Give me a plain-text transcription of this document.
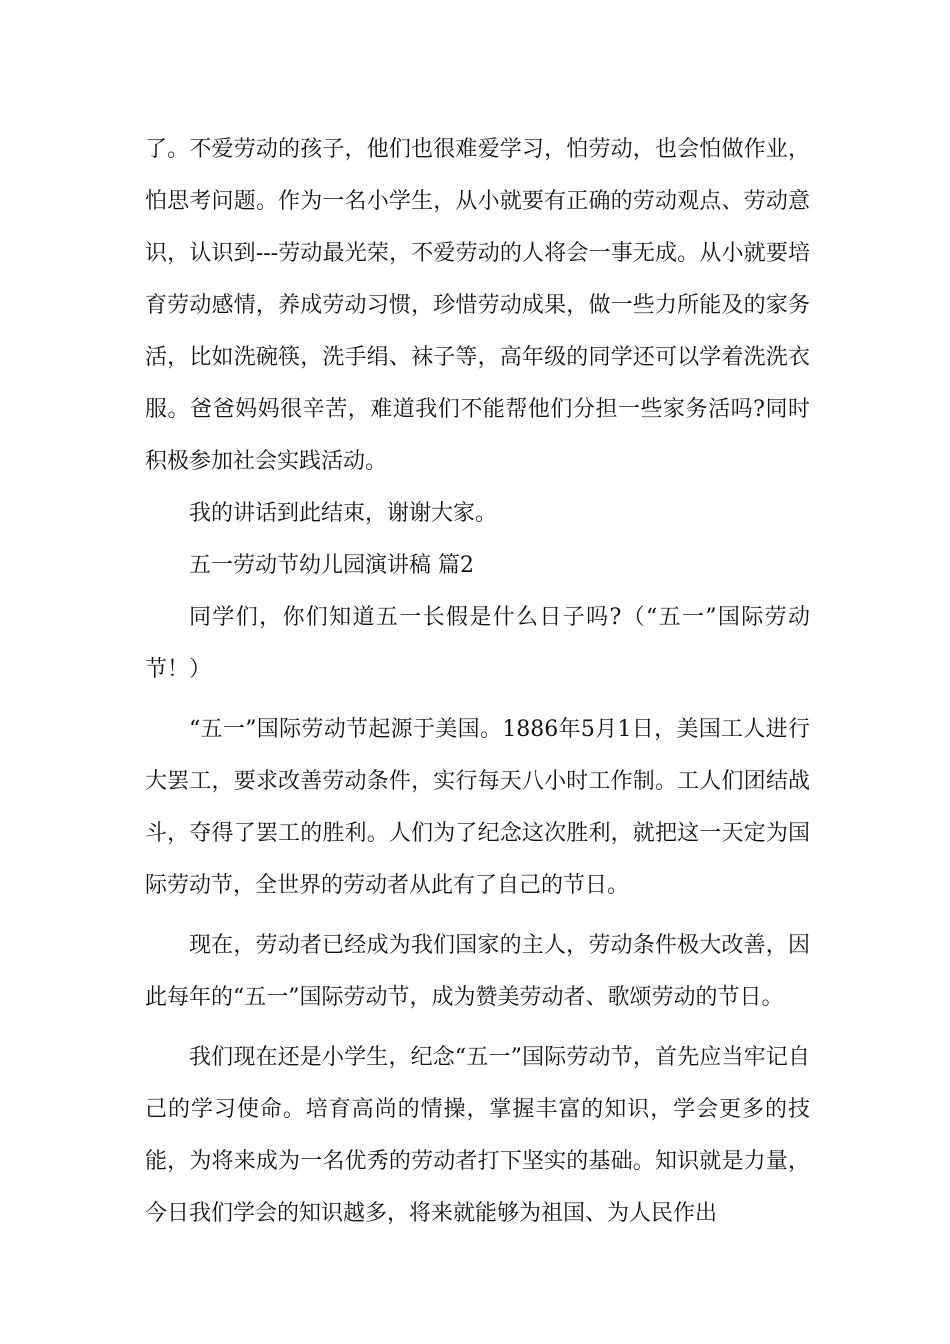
了。不爱劳动的孩子，他们也很难爱学习，怕劳动，也会怕做作业，怕思考问题。作为一名小学生，从小就要有正确的劳动观点、劳动意识，认识到---劳动最光荣，不爱劳动的人将会一事无成。从小就要培育劳动感情，养成劳动习惯，珍惜劳动成果，做一些力所能及的家务活，比如洗碗筷，洗手绢、袜子等，高年级的同学还可以学着洗洗衣服。爸爸妈妈很辛苦，难道我们不能帮他们分担一些家务活吗?同时积极参加社会实践活动。

我的讲话到此结束，谢谢大家。

五一劳动节幼儿园演讲稿 篇2

同学们，你们知道五一长假是什么日子吗?（“五一”国际劳动节！）

“五一”国际劳动节起源于美国。1886年5月1日，美国工人进行大罢工，要求改善劳动条件，实行每天八小时工作制。工人们团结战斗，夺得了罢工的胜利。人们为了纪念这次胜利，就把这一天定为国际劳动节，全世界的劳动者从此有了自己的节日。

现在，劳动者已经成为我们国家的主人，劳动条件极大改善，因此每年的“五一”国际劳动节，成为赞美劳动者、歌颂劳动的节日。

我们现在还是小学生，纪念“五一”国际劳动节，首先应当牢记自己的学习使命。培育高尚的情操，掌握丰富的知识，学会更多的技能，为将来成为一名优秀的劳动者打下坚实的基础。知识就是力量，今日我们学会的知识越多，将来就能够为祖国、为人民作出
